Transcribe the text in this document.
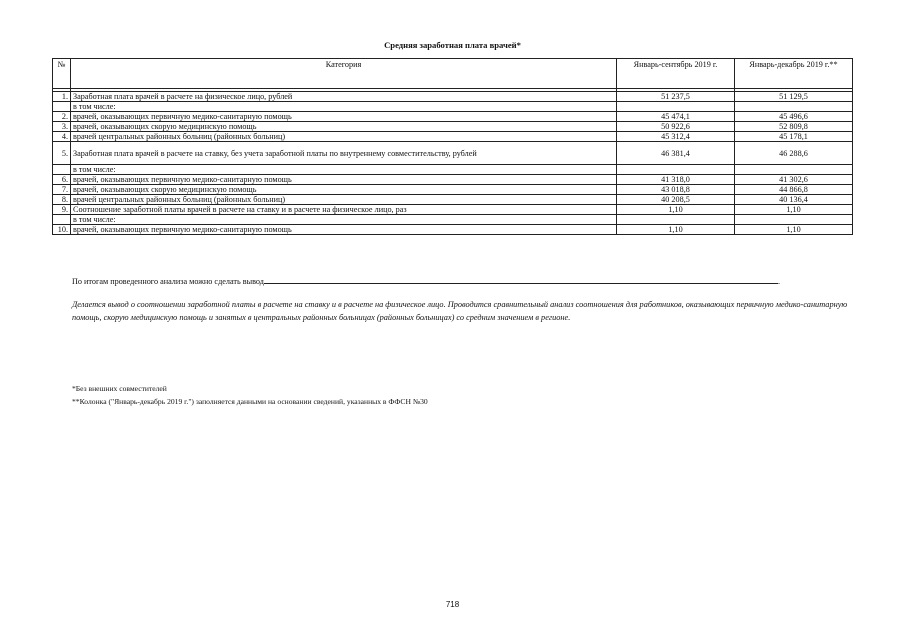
Средняя заработная плата врачей*
№	Категория	Январь-сентябрь 2019 г.	Январь-декабрь 2019 г.**

1.	Заработная плата врачей в расчете на физическое лицо, рублей	51 237,5	51 129,5
	в том числе:		
2.	врачей, оказывающих первичную медико-санитарную помощь	45 474,1	45 496,6
3.	врачей, оказывающих скорую медицинскую помощь	50 922,6	52 809,8
4.	врачей центральных районных больниц (районных больниц)	45 312,4	45 178,1
5.	Заработная плата врачей в расчете на ставку, без учета заработной платы по внутреннему совместительству, рублей	46 381,4	46 288,6
	в том числе:		
6.	врачей, оказывающих первичную медико-санитарную помощь	41 318,0	41 302,6
7.	врачей, оказывающих скорую медицинскую помощь	43 018,8	44 866,8
8.	врачей центральных районных больниц (районных больниц)	40 208,5	40 136,4
9.	Соотношение заработной платы врачей в расчете на ставку и в расчете на физическое лицо, раз	1,10	1,10
	в том числе:		
10.	врачей, оказывающих первичную медико-санитарную помощь	1,10	1,10
По итогам проведенного анализа можно сделать вывод	.
Делается вывод о соотношении заработной платы в расчете на ставку и в расчете на физическое лицо. Проводится сравнительный анализ соотношения для работников, оказывающих первичную медико-санитарную помощь, скорую медицинскую помощь и занятых в центральных районных больницах (районных больницах) со средним значением в регионе.
*Без внешних совместителей
**Колонка ("Январь-декабрь 2019 г.") заполняется данными на основании сведений, указанных в ФФСН №30
718
